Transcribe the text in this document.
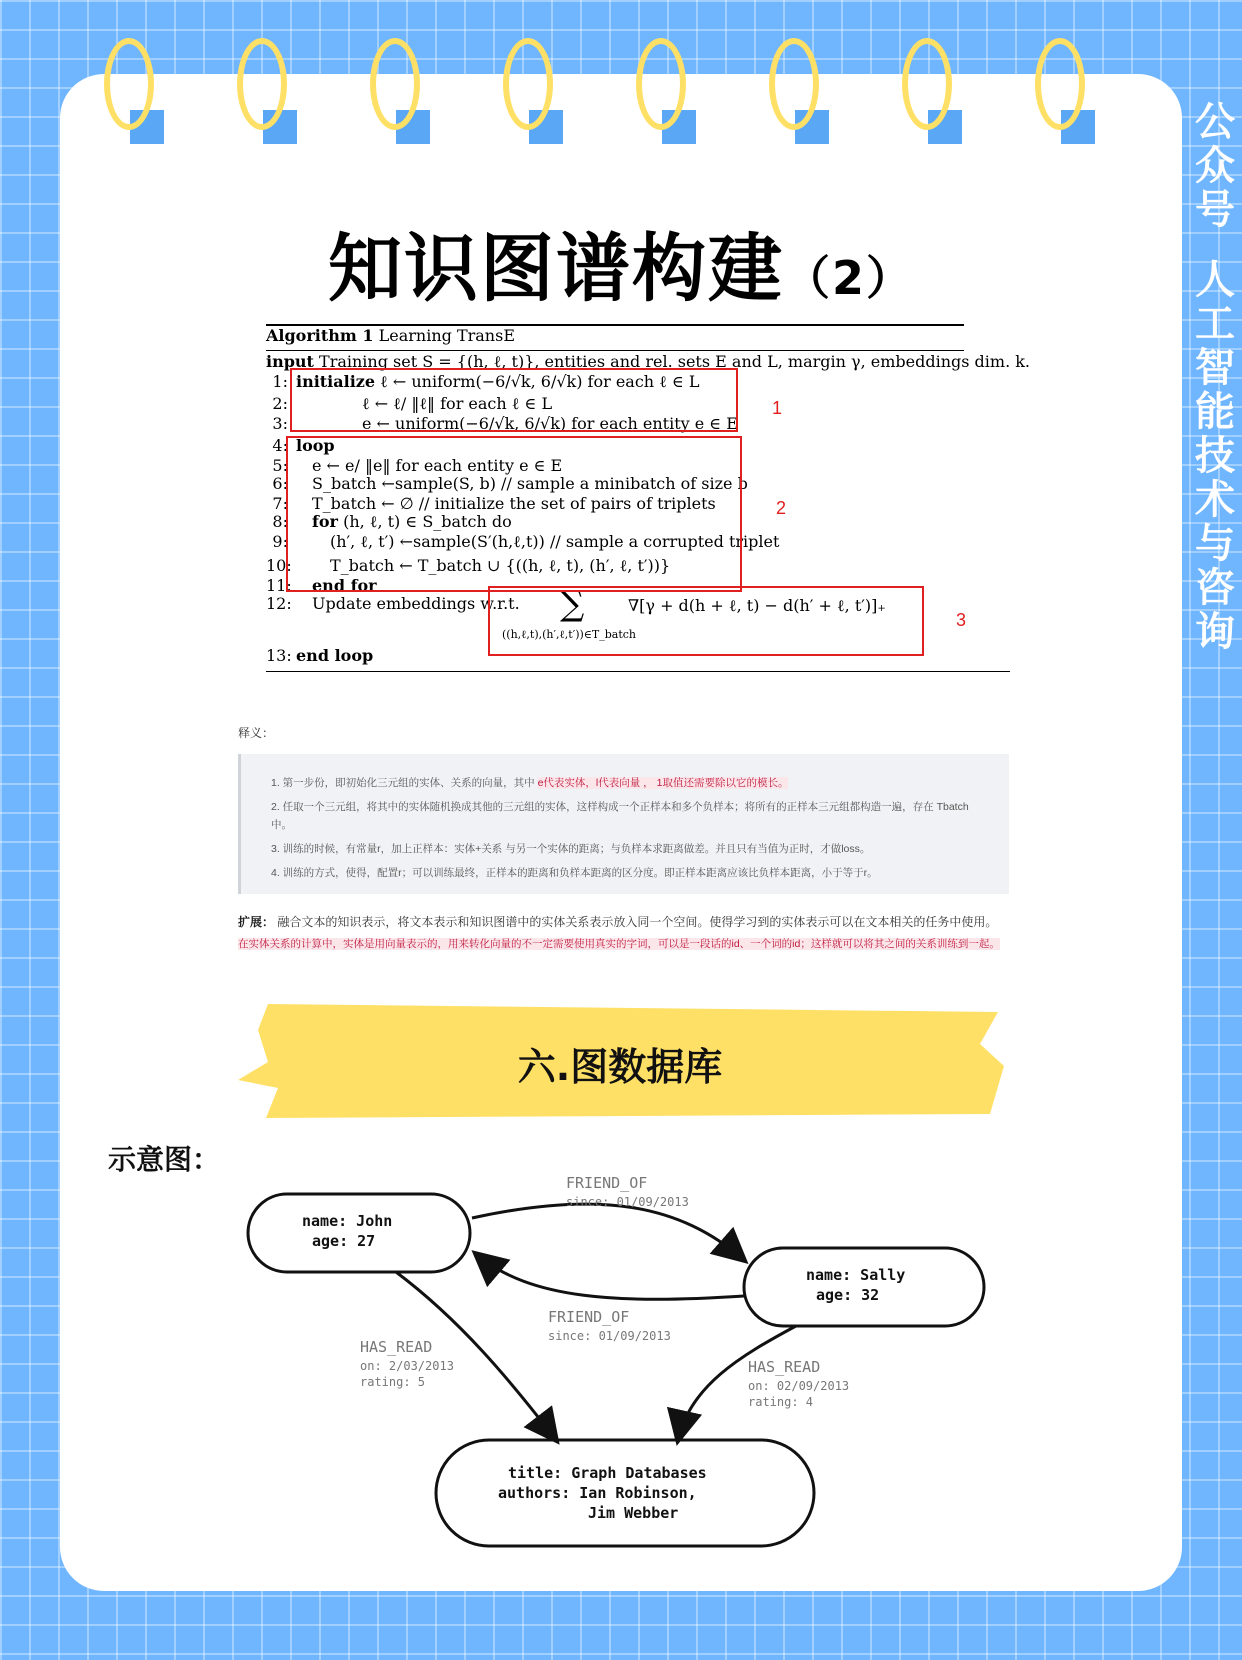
公
众
号
人
工
智
能
技
术
与
咨
询
知识图谱构建（2）
Algorithm 1 Learning TransE
input Training set S = {(h, ℓ, t)}, entities and rel. sets E and L, margin γ, embeddings dim. k.
1: initialize ℓ ← uniform(−6/√k, 6/√k) for each ℓ ∈ L
2:	ℓ ← ℓ/ ‖ℓ‖ for each ℓ ∈ L
3:	e ← uniform(−6/√k, 6/√k) for each entity e ∈ E
4: loop
5: e ← e/ ‖e‖ for each entity e ∈ E
6: S_batch ←sample(S, b) // sample a minibatch of size b
7: T_batch ← ∅ // initialize the set of pairs of triplets
8: for (h, ℓ, t) ∈ S_batch do
9:	(h′, ℓ, t′) ←sample(S′(h,ℓ,t)) // sample a corrupted triplet
10: T_batch ← T_batch ∪ {((h, ℓ, t), (h′, ℓ, t′))}
11: end for
12: Update embeddings w.r.t. ∑	∇[γ + d(h + ℓ, t) − d(h′ + ℓ, t′)]₊
((h,ℓ,t),(h′,ℓ,t′))∈T_batch
13: end loop
1
2
3
释义：
1. 第一步份，即初始化三元组的实体、关系的向量，其中 e代表实体，l代表向量 ， 1取值还需要除以它的模长。
2. 任取一个三元组，将其中的实体随机换成其他的三元组的实体，这样构成一个正样本和多个负样本；将所有的正样本三元组都构造一遍，存在 Tbatch中。
3. 训练的时候，有常量r，加上正样本：实体+关系 与另一个实体的距离；与负样本求距离做差。并且只有当值为正时，才做loss。
4. 训练的方式，使得，配置r；可以训练最终，正样本的距离和负样本距离的区分度。即正样本距离应该比负样本距离，小于等于r。
扩展： 融合文本的知识表示，将文本表示和知识图谱中的实体关系表示放入同一个空间。使得学习到的实体表示可以在文本相关的任务中使用。在实体关系的计算中，实体是用向量表示的，用来转化向量的不一定需要使用真实的字词，可以是一段话的id、一个词的id；这样就可以将其之间的关系训练到一起。
六.图数据库
示意图：
name: John
age: 27
name: Sally
age: 32
title: Graph Databases
authors: Ian Robinson,
Jim Webber
FRIEND_OF
since: 01/09/2013
FRIEND_OF
since: 01/09/2013
HAS_READ
on: 2/03/2013
rating: 5
HAS_READ
on: 02/09/2013
rating: 4
